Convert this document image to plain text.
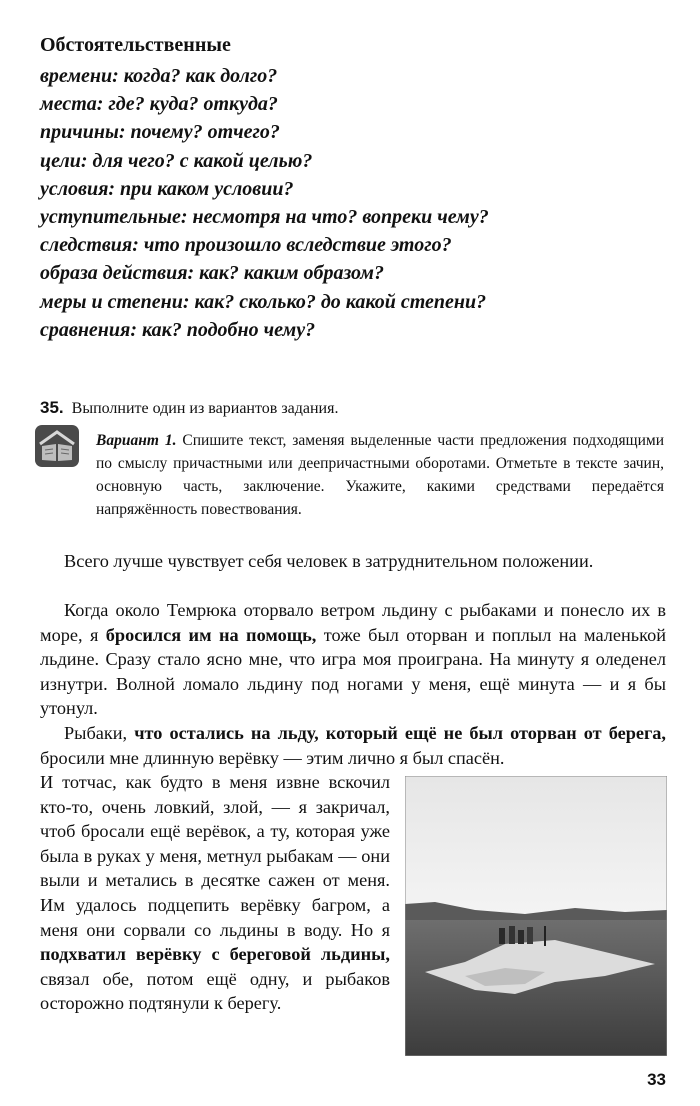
Обстоятельственные
времени: когда? как долго?
места: где? куда? откуда?
причины: почему? отчего?
цели: для чего? с какой целью?
условия: при каком условии?
уступительные: несмотря на что? вопреки чему?
следствия: что произошло вследствие этого?
образа действия: как? каким образом?
меры и степени: как? сколько? до какой степени?
сравнения: как? подобно чему?
35. Выполните один из вариантов задания.

Вариант 1. Спишите текст, заменяя выделенные части предложения подходящими по смыслу причастными или деепричастными оборотами. Отметьте в тексте зачин, основную часть, заключение. Укажите, какими средствами передаётся напряжённость повествования.

Всего лучше чувствует себя человек в затруднительном положении.

Когда около Темрюка оторвало ветром льдину с рыбаками и понесло их в море, я бросился им на помощь, тоже был оторван и поплыл на маленькой льдине. Сразу стало ясно мне, что игра моя проиграна. На минуту я оледенел изнутри. Волной ломало льдину под ногами у меня, ещё минута — и я бы утонул.

Рыбаки, что остались на льду, который ещё не был оторван от берега, бросили мне длинную верёвку — этим лично я был спасён.

И тотчас, как будто в меня извне вскочил кто-то, очень ловкий, злой, — я закричал, чтоб бросали ещё верёвок, а ту, которая уже была в руках у меня, метнул рыбакам — они выли и метались в десятке сажен от меня. Им удалось подцепить верёвку багром, а меня они сорвали со льдины в воду. Но я подхватил верёвку с береговой льдины, связал обе, потом ещё одну, и рыбаков осторожно подтянули к берегу.

33
